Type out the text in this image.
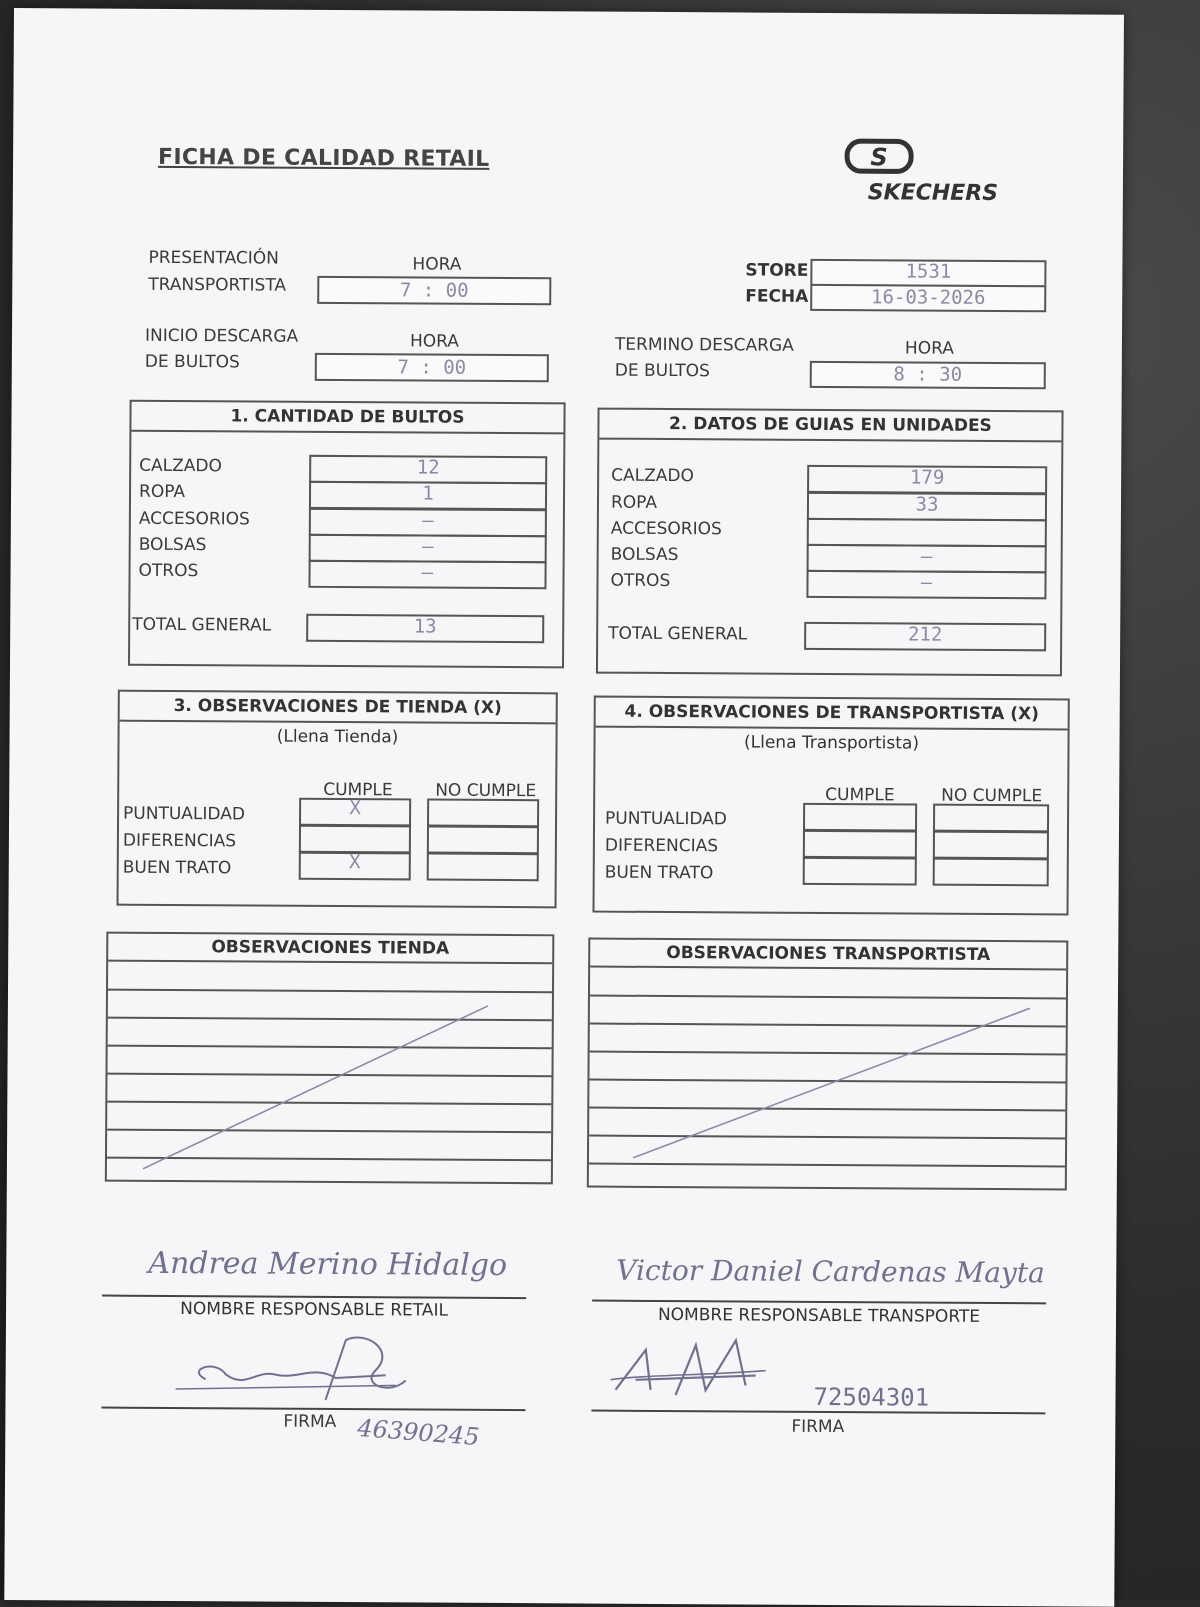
FICHA DE CALIDAD RETAIL	S
SKECHERS
PRESENTACIÓN
TRANSPORTISTA
HORA
7 : 00
STORE	1531
FECHA	16-03-2026
INICIO DESCARGA
DE BULTOS
HORA
7 : 00
TERMINO DESCARGA
DE BULTOS
HORA
8 : 30
1. CANTIDAD DE BULTOS
CALZADO	12
ROPA	1
ACCESORIOS	—
BOLSAS	—
OTROS	—
TOTAL GENERAL	13
2. DATOS DE GUIAS EN UNIDADES
CALZADO	179
ROPA	33
ACCESORIOS
BOLSAS	—
OTROS	—
TOTAL GENERAL	212
3. OBSERVACIONES DE TIENDA (X)
(Llena Tienda)
CUMPLE NO CUMPLE
PUNTUALIDAD	X
DIFERENCIAS
BUEN TRATO	X
4. OBSERVACIONES DE TRANSPORTISTA (X)
(Llena Transportista)
CUMPLE	NO CUMPLE
PUNTUALIDAD
DIFERENCIAS
BUEN TRATO
OBSERVACIONES TIENDA	OBSERVACIONES TRANSPORTISTA
Andrea Merino Hidalgo
NOMBRE RESPONSABLE RETAIL
Victor Daniel Cardenas Mayta
NOMBRE RESPONSABLE TRANSPORTE
FIRMA 46390245	FIRMA
72504301
